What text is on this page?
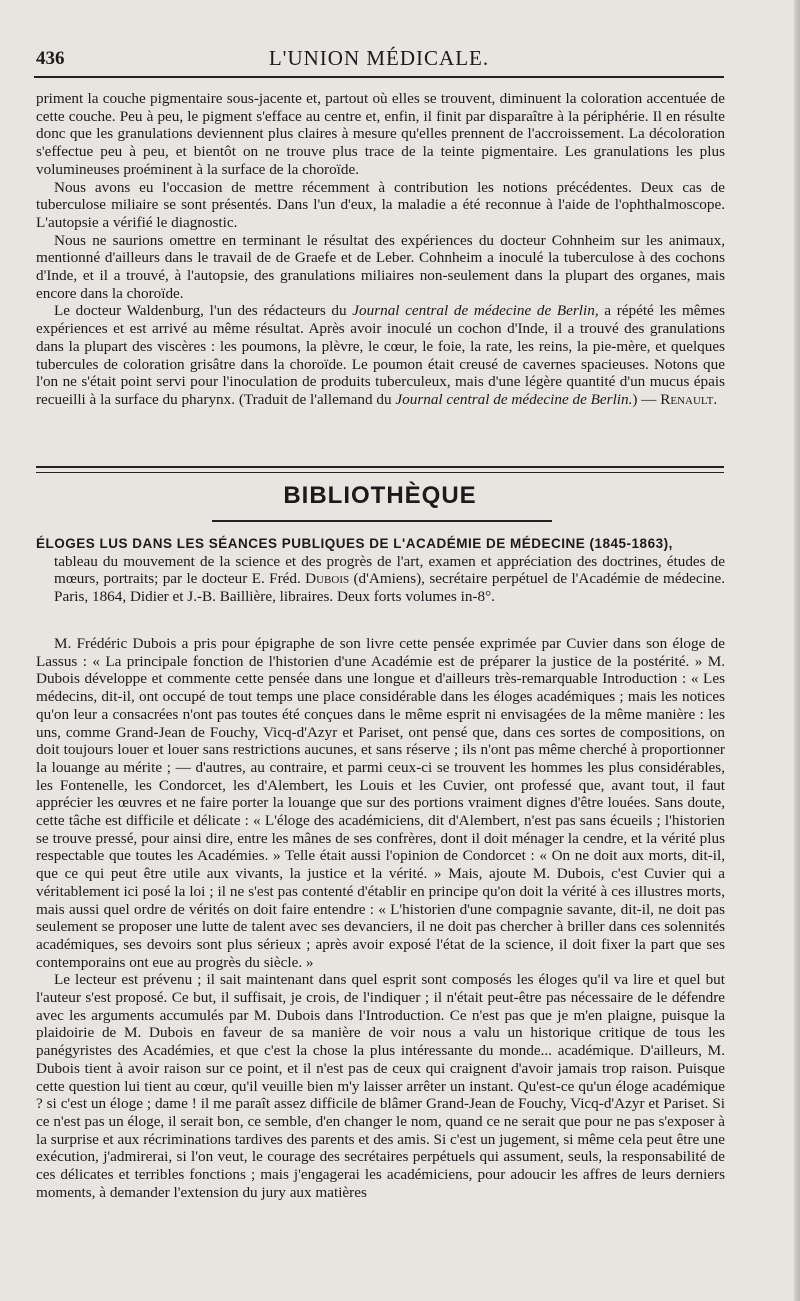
436	L'UNION MÉDICALE.

priment la couche pigmentaire sous-jacente et, partout où elles se trouvent, diminuent la coloration accentuée de cette couche. Peu à peu, le pigment s'efface au centre et, enfin, il finit par disparaître à la périphérie. Il en résulte donc que les granulations deviennent plus claires à mesure qu'elles prennent de l'accroissement. La décoloration s'effectue peu à peu, et bientôt on ne trouve plus trace de la teinte pigmentaire. Les granulations les plus volumineuses proéminent à la surface de la choroïde.

Nous avons eu l'occasion de mettre récemment à contribution les notions précédentes. Deux cas de tuberculose miliaire se sont présentés. Dans l'un d'eux, la maladie a été reconnue à l'aide de l'ophthalmoscope. L'autopsie a vérifié le diagnostic.

Nous ne saurions omettre en terminant le résultat des expériences du docteur Cohnheim sur les animaux, mentionné d'ailleurs dans le travail de de Graefe et de Leber. Cohnheim a inoculé la tuberculose à des cochons d'Inde, et il a trouvé, à l'autopsie, des granulations miliaires non-seulement dans la plupart des organes, mais encore dans la choroïde.

Le docteur Waldenburg, l'un des rédacteurs du Journal central de médecine de Berlin, a répété les mêmes expériences et est arrivé au même résultat. Après avoir inoculé un cochon d'Inde, il a trouvé des granulations dans la plupart des viscères : les poumons, la plèvre, le cœur, le foie, la rate, les reins, la pie-mère, et quelques tubercules de coloration grisâtre dans la choroïde. Le poumon était creusé de cavernes spacieuses. Notons que l'on ne s'était point servi pour l'inoculation de produits tuberculeux, mais d'une légère quantité d'un mucus épais recueilli à la surface du pharynx. (Traduit de l'allemand du Journal central de médecine de Berlin.) — Renault.

BIBLIOTHÈQUE
ÉLOGES LUS DANS LES SÉANCES PUBLIQUES DE L'ACADÉMIE DE MÉDECINE (1845-1863),
tableau du mouvement de la science et des progrès de l'art, examen et appréciation des doctrines, études de mœurs, portraits; par le docteur E. Fréd. Dubois (d'Amiens), secrétaire perpétuel de l'Académie de médecine. Paris, 1864, Didier et J.-B. Baillière, libraires. Deux forts volumes in-8°.

M. Frédéric Dubois a pris pour épigraphe de son livre cette pensée exprimée par Cuvier dans son éloge de Lassus : « La principale fonction de l'historien d'une Académie est de préparer la justice de la postérité. » M. Dubois développe et commente cette pensée dans une longue et d'ailleurs très-remarquable Introduction : « Les médecins, dit-il, ont occupé de tout temps une place considérable dans les éloges académiques ; mais les notices qu'on leur a consacrées n'ont pas toutes été conçues dans le même esprit ni envisagées de la même manière : les uns, comme Grand-Jean de Fouchy, Vicq-d'Azyr et Pariset, ont pensé que, dans ces sortes de compositions, on doit toujours louer et louer sans restrictions aucunes, et sans réserve ; ils n'ont pas même cherché à proportionner la louange au mérite ; — d'autres, au contraire, et parmi ceux-ci se trouvent les hommes les plus considérables, les Fontenelle, les Condorcet, les d'Alembert, les Louis et les Cuvier, ont professé que, avant tout, il faut apprécier les œuvres et ne faire porter la louange que sur des portions vraiment dignes d'être louées. Sans doute, cette tâche est difficile et délicate : « L'éloge des académiciens, dit d'Alembert, n'est pas sans écueils ; l'historien se trouve pressé, pour ainsi dire, entre les mânes de ses confrères, dont il doit ménager la cendre, et la vérité plus respectable que toutes les Académies. » Telle était aussi l'opinion de Condorcet : « On ne doit aux morts, dit-il, que ce qui peut être utile aux vivants, la justice et la vérité. » Mais, ajoute M. Dubois, c'est Cuvier qui a véritablement ici posé la loi ; il ne s'est pas contenté d'établir en principe qu'on doit la vérité à ces illustres morts, mais aussi quel ordre de vérités on doit faire entendre : « L'historien d'une compagnie savante, dit-il, ne doit pas seulement se proposer une lutte de talent avec ses devanciers, il ne doit pas chercher à briller dans ces solennités académiques, ses devoirs sont plus sérieux ; après avoir exposé l'état de la science, il doit fixer la part que ses contemporains ont eue au progrès du siècle. »

Le lecteur est prévenu ; il sait maintenant dans quel esprit sont composés les éloges qu'il va lire et quel but l'auteur s'est proposé. Ce but, il suffisait, je crois, de l'indiquer ; il n'était peut-être pas nécessaire de le défendre avec les arguments accumulés par M. Dubois dans l'Introduction. Ce n'est pas que je m'en plaigne, puisque la plaidoirie de M. Dubois en faveur de sa manière de voir nous a valu un historique critique de tous les panégyristes des Académies, et que c'est la chose la plus intéressante du monde... académique. D'ailleurs, M. Dubois tient à avoir raison sur ce point, et il n'est pas de ceux qui craignent d'avoir jamais trop raison. Puisque cette question lui tient au cœur, qu'il veuille bien m'y laisser arrêter un instant. Qu'est-ce qu'un éloge académique ? si c'est un éloge ; dame ! il me paraît assez difficile de blâmer Grand-Jean de Fouchy, Vicq-d'Azyr et Pariset. Si ce n'est pas un éloge, il serait bon, ce semble, d'en changer le nom, quand ce ne serait que pour ne pas s'exposer à la surprise et aux récriminations tardives des parents et des amis. Si c'est un jugement, si même cela peut être une exécution, j'admirerai, si l'on veut, le courage des secrétaires perpétuels qui assument, seuls, la responsabilité de ces délicates et terribles fonctions ; mais j'engagerai les académiciens, pour adoucir les affres de leurs derniers moments, à demander l'extension du jury aux matières
